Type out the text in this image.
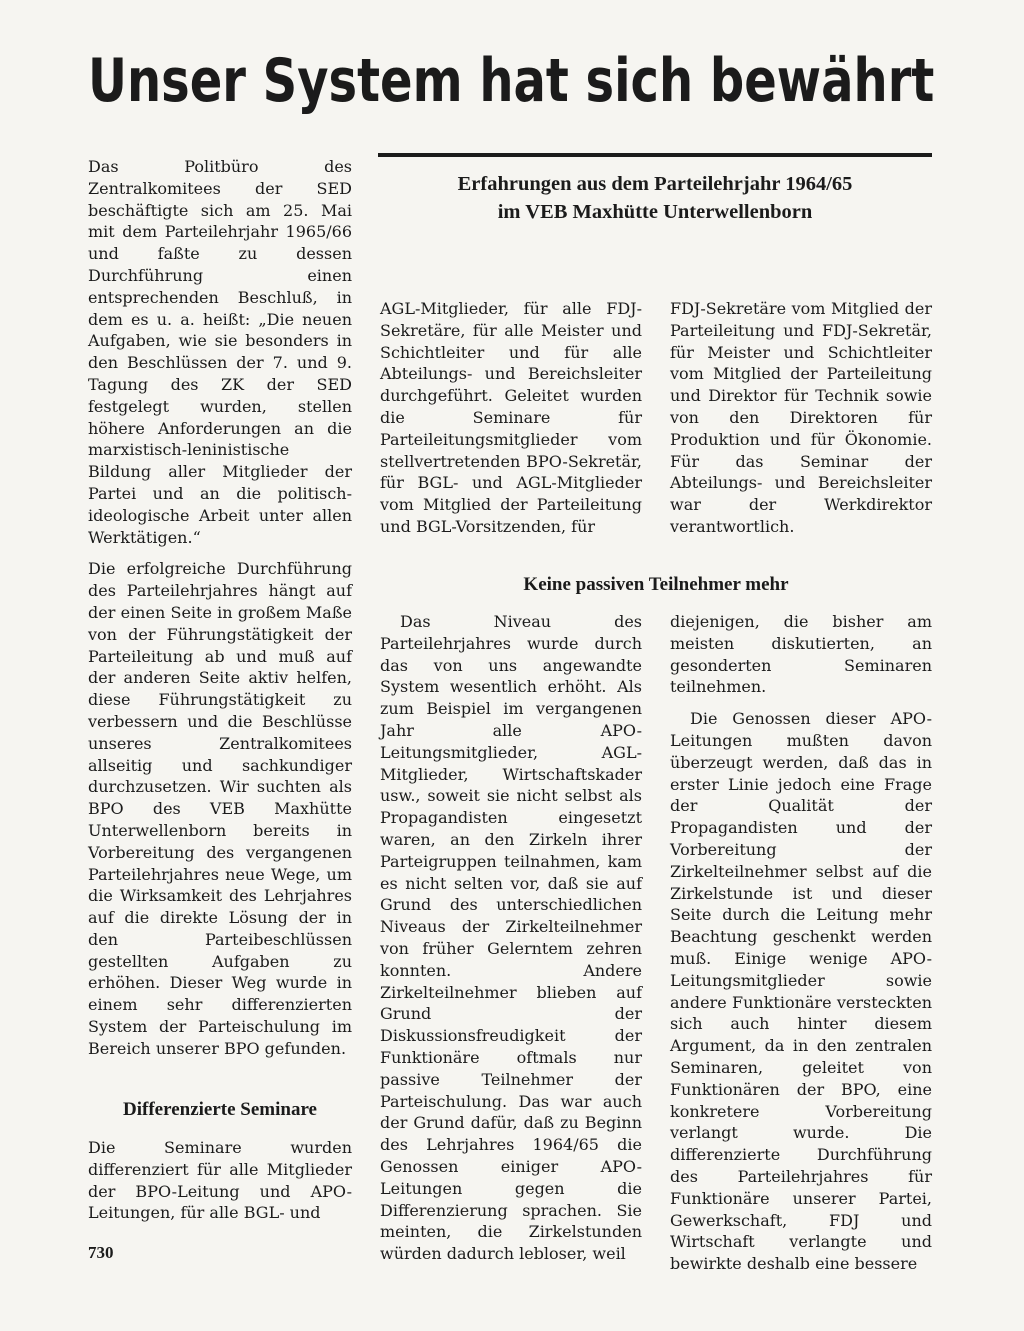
Unser System hat sich bewährt

Das Politbüro des Zentralkomitees der SED beschäftigte sich am 25. Mai mit dem Parteilehrjahr 1965/66 und faßte zu dessen Durchführung einen entsprechenden Beschluß, in dem es u. a. heißt: „Die neuen Aufgaben, wie sie besonders in den Beschlüssen der 7. und 9. Tagung des ZK der SED festgelegt wurden, stellen höhere Anforderungen an die marxistisch-leninistische Bildung aller Mitglieder der Partei und an die politisch-ideologische Arbeit unter allen Werktätigen.“

Die erfolgreiche Durchführung des Parteilehrjahres hängt auf der einen Seite in großem Maße von der Führungstätigkeit der Parteileitung ab und muß auf der anderen Seite aktiv helfen, diese Führungstätigkeit zu verbessern und die Beschlüsse unseres Zentralkomitees allseitig und sachkundiger durchzusetzen. Wir suchten als BPO des VEB Maxhütte Unterwellenborn bereits in Vorbereitung des vergangenen Parteilehrjahres neue Wege, um die Wirksamkeit des Lehrjahres auf die direkte Lösung der in den Parteibeschlüssen gestellten Aufgaben zu erhöhen. Dieser Weg wurde in einem sehr differenzierten System der Parteischulung im Bereich unserer BPO gefunden.

Differenzierte Seminare

Die Seminare wurden differenziert für alle Mitglieder der BPO-Leitung und APO-Leitungen, für alle BGL- und

Erfahrungen aus dem Parteilehrjahr 1964/65
im VEB Maxhütte Unterwellenborn

AGL-Mitglieder, für alle FDJ-Sekretäre, für alle Meister und Schichtleiter und für alle Abteilungs- und Bereichsleiter durchgeführt. Geleitet wurden die Seminare für Parteileitungsmitglieder vom stellvertretenden BPO-Sekretär, für BGL- und AGL-Mitglieder vom Mitglied der Parteileitung und BGL-Vorsitzenden, für

FDJ-Sekretäre vom Mitglied der Parteileitung und FDJ-Sekretär, für Meister und Schichtleiter vom Mitglied der Parteileitung und Direktor für Technik sowie von den Direktoren für Produktion und für Ökonomie. Für das Seminar der Abteilungs- und Bereichsleiter war der Werkdirektor verantwortlich.

Keine passiven Teilnehmer mehr

Das Niveau des Parteilehrjahres wurde durch das von uns angewandte System wesentlich erhöht. Als zum Beispiel im vergangenen Jahr alle APO-Leitungsmitglieder, AGL-Mitglieder, Wirtschaftskader usw., soweit sie nicht selbst als Propagandisten eingesetzt waren, an den Zirkeln ihrer Parteigruppen teilnahmen, kam es nicht selten vor, daß sie auf Grund des unterschiedlichen Niveaus der Zirkelteilnehmer von früher Gelerntem zehren konnten. Andere Zirkelteilnehmer blieben auf Grund der Diskussionsfreudigkeit der Funktionäre oftmals nur passive Teilnehmer der Parteischulung. Das war auch der Grund dafür, daß zu Beginn des Lehrjahres 1964/65 die Genossen einiger APO-Leitungen gegen die Differenzierung sprachen. Sie meinten, die Zirkelstunden würden dadurch lebloser, weil

diejenigen, die bisher am meisten diskutierten, an gesonderten Seminaren teilnehmen.

Die Genossen dieser APO-Leitungen mußten davon überzeugt werden, daß das in erster Linie jedoch eine Frage der Qualität der Propagandisten und der Vorbereitung der Zirkelteilnehmer selbst auf die Zirkelstunde ist und dieser Seite durch die Leitung mehr Beachtung geschenkt werden muß. Einige wenige APO-Leitungsmitglieder sowie andere Funktionäre versteckten sich auch hinter diesem Argument, da in den zentralen Seminaren, geleitet von Funktionären der BPO, eine konkretere Vorbereitung verlangt wurde. Die differenzierte Durchführung des Parteilehrjahres für Funktionäre unserer Partei, Gewerkschaft, FDJ und Wirtschaft verlangte und bewirkte deshalb eine bessere

730
